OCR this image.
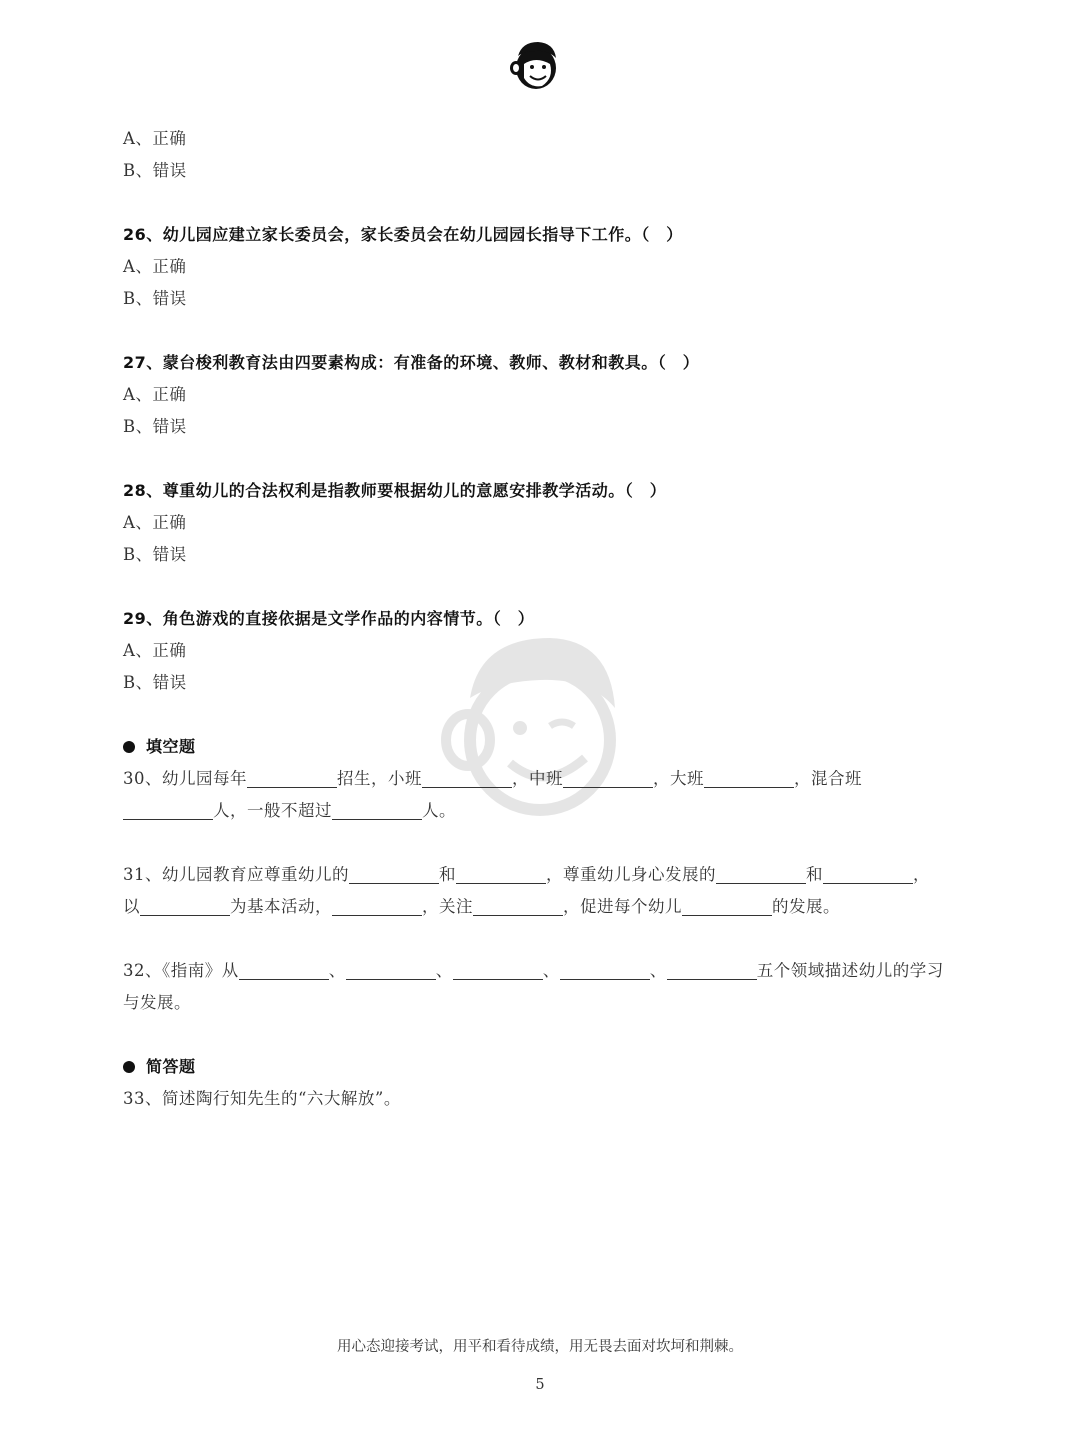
A、正确
B、错误
26、幼儿园应建立家长委员会，家长委员会在幼儿园园长指导下工作。（　）
A、正确
B、错误
27、蒙台梭利教育法由四要素构成：有准备的环境、教师、教材和教具。（　）
A、正确
B、错误
28、尊重幼儿的合法权利是指教师要根据幼儿的意愿安排教学活动。（　）
A、正确
B、错误
29、角色游戏的直接依据是文学作品的内容情节。（　）
A、正确
B、错误
填空题
30、幼儿园每年	招生，小班	，中班	，大班	，混合班
人，一般不超过	人。
31、幼儿园教育应尊重幼儿的	和	，尊重幼儿身心发展的	和	，
以	为基本活动，	，关注	，促进每个幼儿	的发展。
32、《指南》从	、	、	、	、	五个领域描述幼儿的学习
与发展。
简答题
33、简述陶行知先生的“六大解放”。
用心态迎接考试，用平和看待成绩，用无畏去面对坎坷和荆棘。
5
